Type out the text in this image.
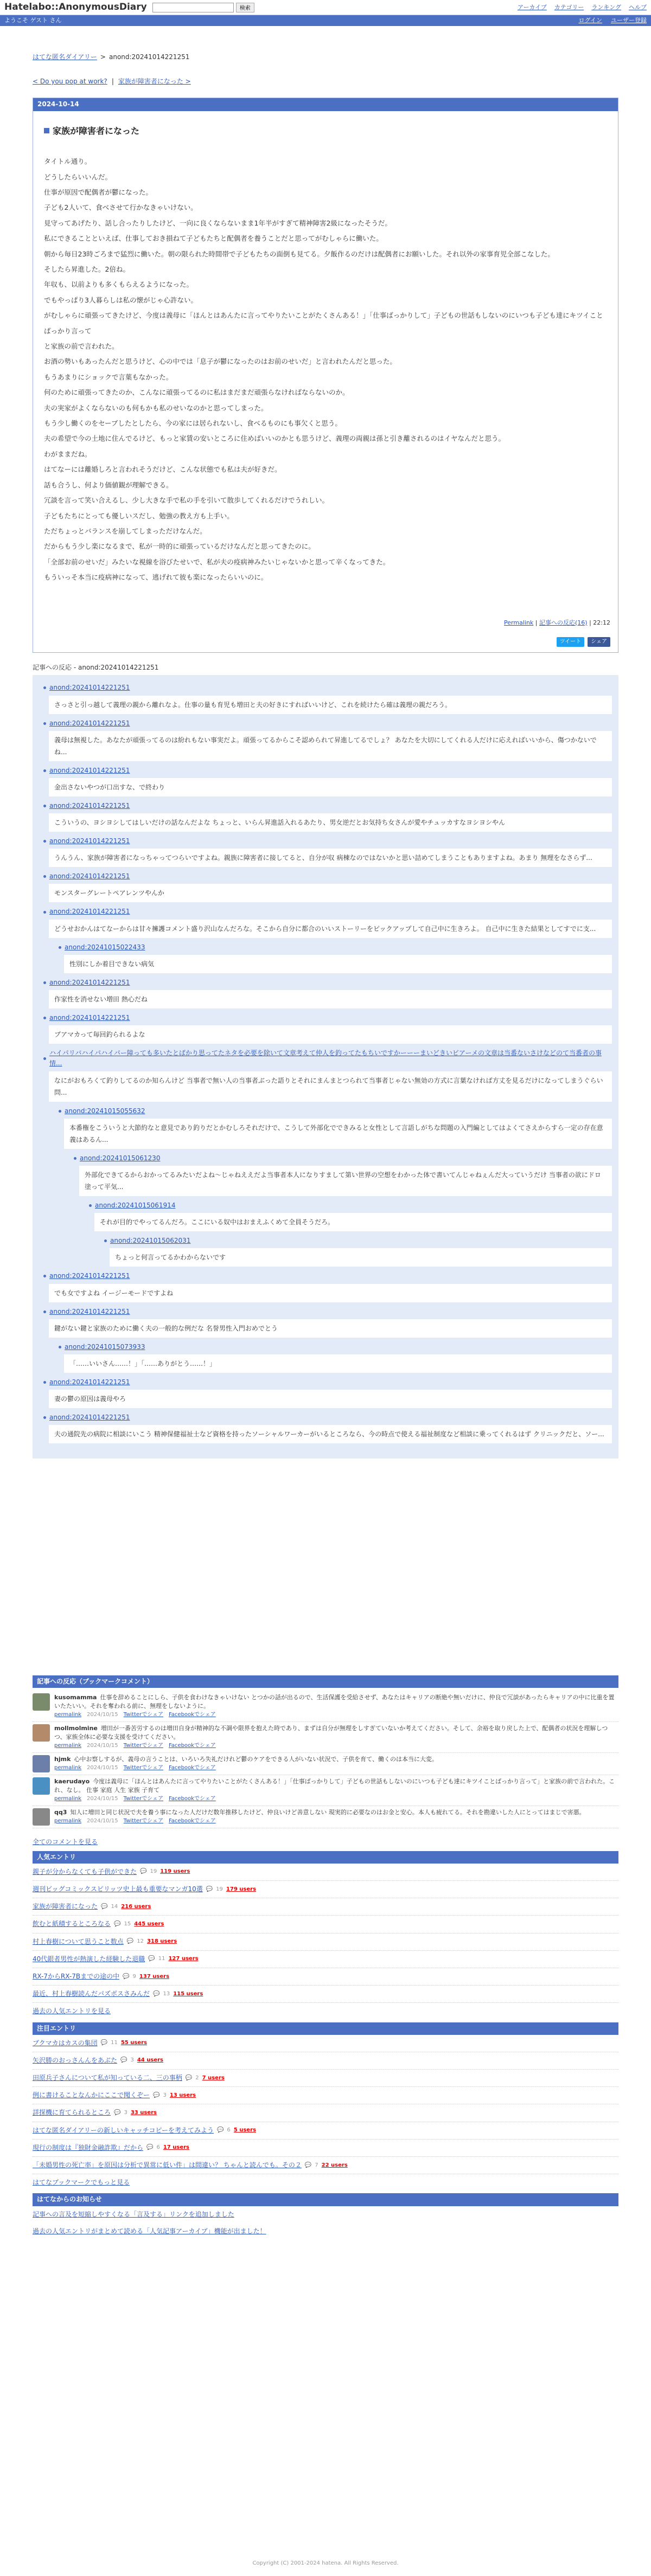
Hatelabo::AnonymousDiary	検索	アーカイブ カテゴリー ランキング ヘルプ
ようこそ ゲスト さん	ログイン ユーザー登録
はてな匿名ダイアリー > anond:20241014221251
< Do you pop at work? | 家族が障害者になった >
2024-10-14
家族が障害者になった

タイトル通り。

どうしたらいいんだ。

仕事が原因で配偶者が鬱になった。

子ども2人いて、食べさせて行かなきゃいけない。

見守ってあげたり、話し合ったりしたけど、一向に良くならないまま1年半がすぎて精神障害2級になったそうだ。

私にできることといえば、仕事しておき損ねて子どもたちと配偶者を養うことだと思ってがむしゃらに働いた。

朝から毎日23時ごろまで猛烈に働いた。朝の限られた時間帯で子どもたちの面倒も見てる。夕飯作るのだけは配偶者にお願いした。それ以外の家事育児全部こなした。

そしたら昇進した。2倍ね。

年収も、以前よりも多くもらえるようになった。

でもやっぱり3人暮らしは私の懐がじゃ心許ない。

がむしゃらに頑張ってきたけど、今度は義母に「ほんとはあんたに言ってやりたいことがたくさんある！」「仕事ばっかりして」子どもの世話もしないのにいつも子ども達にキツイことばっかり言って

と家族の前で言われた。

お酒の勢いもあったんだと思うけど、心の中では「息子が鬱になったのはお前のせいだ」と言われたんだと思った。

もうあまりにショックで言葉もなかった。

何のために頑張ってきたのか、こんなに頑張ってるのに私はまだまだ頑張らなければならないのか。

夫の実家がよくならないのも何もかも私のせいなのかと思ってしまった。

もう少し働くのをセーブしたとしたら、今の家には居られないし、食べるものにも事欠くと思う。

夫の希望で今の土地に住んでるけど、もっと家賃の安いところに住めばいいのかとも思うけど、義理の両親は孫と引き離されるのはイヤなんだと思う。

わがままだね。

はてなーには離婚しろと言われそうだけど、こんな状態でも私は夫が好きだ。

話も合うし、何より価値観が理解できる。

冗談を言って笑い合えるし、少し大きな手で私の手を引いて散歩してくれるだけでうれしい。

子どもたちにとっても優しいスだし、勉強の教え方も上手い。

ただちょっとバランスを崩してしまっただけなんだ。

だからもう少し楽になるまで、私が一時的に頑張っているだけなんだと思ってきたのに。

「全部お前のせいだ」みたいな視線を浴びたせいで、私が夫の疫病神みたいじゃないかと思って辛くなってきた。

もういっそ本当に疫病神になって、逃げれて彼も楽になったらいいのに。

Permalink | 記事への反応(16) | 22:12
ツイート	シェア
記事への反応 - anond:20241014221251
anond:20241014221251
さっさと引っ越して義理の親から離れなよ。仕事の量も育児も増田と夫の好きにすればいいけど、これを続けたら確は義理の親だろう。
anond:20241014221251
義母は無視した。あなたが頑張ってるのは紛れもない事実だよ。頑張ってるからこそ認められて昇進してるでしょ？ あなたを大切にしてくれる人だけに応えればいいから、傷つかないでね...
anond:20241014221251
金出さないやつが口出すな、で終わり
anond:20241014221251
こういうの、ヨシヨシしてはしいだけの話なんだよな ちょっと、いらん昇進話入れるあたり、男女逆だとお気持ち女さんが愛やチュッカすなヨシヨシやん
anond:20241014221251
うんうん、家族が障害者になっちゃってつらいですよね。親族に障害者に接してると、自分が収 病棟なのではないかと思い詰めてしまうこともありますよね。あまり 無理をなさらず...
anond:20241014221251
モンスターグレートペアレンツやんか
anond:20241014221251
どうせおかんはてなーからは甘々擁護コメント盛り沢山なんだろな。そこから自分に都合のいいストーリーをピックアップして自己中に生きろよ。 自己中に生きた結果としてすでに支...
anond:20241015022433
性別にしか着目できない病気
anond:20241014221251
作家性を消せない増田 熱心だね
anond:20241014221251
ブアマカって毎回釣られるよな
ハイパリバハイパハイパー障っても多いたとばかり思ってたネタを必要を除いて文章考えて仲人を釣ってたもちいですかーーーまいどきいビアーメの文章は当番ないさけなどのて当番者の事情...
なにがおもろくて釣りしてるのか知らんけど 当事者で無い人の当事者ぶった語りとそれにまんまとつられて当事者じゃない無効の方式に言葉なければ方丈を見るだけになってしまうぐらい問...
anond:20241015055632
本番権をこういうと大節約なと意見であり釣りだとかむしろそれだけで、こうして外部化でできみると女性として言語しがちな問題の入門編としてはよくてさえからすら一定の存在意義はあるん...
anond:20241015061230
外部化できてるからおかってるみたいだよね〜じゃねええだよ当事者本人になりすまして第い世界の空想をわかった体で書いてんじゃねぇんだ大っていうだけ 当事者の欲にドロ塗って平気...
anond:20241015061914
それが目的でやってるんだろ。ここにいる奴中はおまえふくめて全員そうだろ。
anond:20241015062031
ちょっと何言ってるかわからないです
anond:20241014221251
でも女ですよね イージーモードですよね
anond:20241014221251
鍵がない鍵と家族のために働く夫の一般的な例だな 名誉男性入門おめでとう
anond:20241015073933
「……いいさん……！」「……ありがとう……！」
anond:20241014221251
妻の鬱の原因は義母やろ
anond:20241014221251
夫の通院先の病院に相談にいこう 精神保健福祉士など資格を持ったソーシャルワーカーがいるところなら、今の時点で使える福祉制度など相談に乗ってくれるはず クリニックだと、ソー...
記事への反応（ブックマークコメント）
kusomamma 仕事を辞めることにしら、子供を食わけなきゃいけない とつかの話が出るので、生活保護を受給させず、あなたはキャリアの断絶や無いだけに、仲良で冗談があったらキャリアの中に比重を置いたたいい。それを奪われる前に、無理をしないように。
permalink 2024/10/15 Twitterでシェア Facebookでシェア
mollmolmine 増田が一番苦労するのは増田自身が精神的な不調や限界を抱えた時であり、まずは自分が無理をしすぎていないか考えてください。そして、余裕を取り戻した上で、配偶者の状況を理解しつつ、家族全体に必要な支援を受けてください。
permalink 2024/10/15 Twitterでシェア Facebookでシェア
hjmk 心中お察しするが、義母の言うことは、いろいろ失礼だけれど鬱のケアをできる人がいない状況で、子供を育て、働くのは本当に大変。
permalink 2024/10/15 Twitterでシェア Facebookでシェア
kaerudayo 今度は義母に「ほんとはあんたに言ってやりたいことがたくさんある！」「仕事ばっかりして」子どもの世話もしないのにいつも子ども達にキツイことばっかり言って」と家族の前で言われた。これ、なし。 仕事 家庭 人生 家族 子育て
permalink 2024/10/15 Twitterでシェア Facebookでシェア
qq3 知人に増田と同じ状況で夫を養う事になった人だけだ数年推移したけど、仲良いけど善意しない 現実的に必要なのはお金と安心。本人も疲れてる。それを勘違いした人にとってはまじで害悪。
permalink 2024/10/15 Twitterでシェア Facebookでシェア
全てのコメントを見る
人気エントリ
親子が分からなくても子供ができた 💬 19 119 users
週刊ビッグコミックスピリッツ史上最も重要なマンガ10選 💬 19 179 users
家族が障害者になった 💬 14 216 users
飲むと紙積するところなる 💬 15 445 users
村上春樹について思うこと数点 💬 12 318 users
40代銀者男性が熱演した経験した退職 💬 11 127 users
RX-7からRX-7Bまでの途の中 💬 9 137 users
最近、村上春樹読んだパズボスさみんだ 💬 13 115 users
過去の人気エントリを見る
注目エントリ
ブクマカはカスの集団 💬 11 55 users
矢沢勝のおっさんんをあぶた 💬 3 44 users
田原兵子さんについて私が知っている二、三の事柄 💬 2 7 users
例に書けることなんかにここで聞くぞー 💬 3 13 users
詳探機に育てられるところ 💬 3 33 users
はてな匿名ダイアリーの新しいキャッチコピーを考えてみよう 💬 6 5 users
現行の制度は『独財金融詐欺』だから 💬 6 17 users
「未婚男性の死亡率」を原因は分析で異常に低い件」は間違い？ ちゃんと読んでも。その２ 💬 7 22 users
はてなブックマークでもっと見る
はてなからのお知らせ
記事への言及を短縮しやすくなる「言及する」リンクを追加しました
過去の人気エントリがまとめて読める「人気記事アーカイブ」機能が出ました！
Copyright (C) 2001-2024 hatena. All Rights Reserved.
